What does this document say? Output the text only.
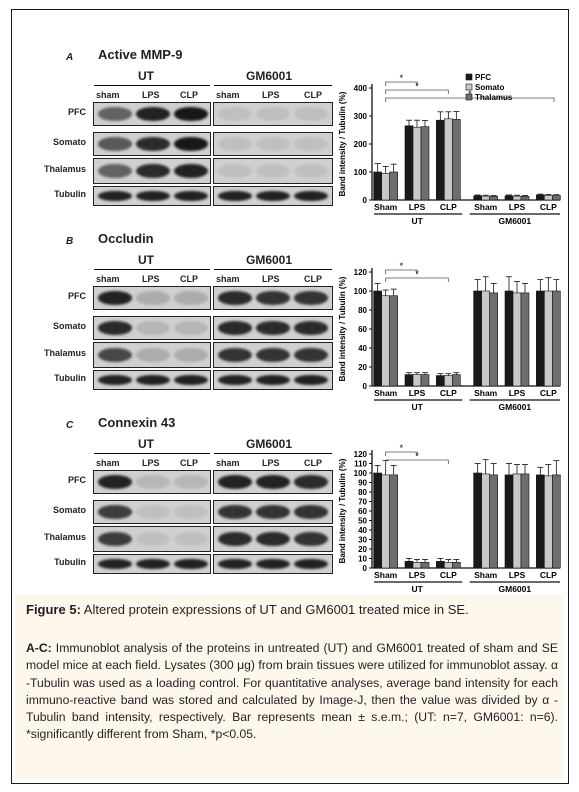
A Active MMP-9
UT	GM6001
sham LPS CLP sham LPS	CLP
PFC
Somato
Thalamus
Tubulin
B Occludin
UT	GM6001
sham LPS CLP sham LPS	CLP
PFC
Somato
Thalamus
Tubulin
C Connexin 43
UT	GM6001
sham LPS CLP sham LPS	CLP
PFC
Somato
Thalamus
Tubulin
Figure 5: Altered protein expressions of UT and GM6001 treated mice in SE.
A-C: Immunoblot analysis of the proteins in untreated (UT) and GM6001 treated of sham and SE model mice at each field. Lysates (300 μg) from brain tissues were utilized for immunoblot assay. α -Tubulin was used as a loading control. For quantitative analyses, average band intensity for each immuno-reactive band was stored and calculated by Image-J, then the value was divided by α -Tubulin band intensity, respectively. Bar represents mean ± s.e.m.; (UT: n=7, GM6001: n=6). *significantly different from Sham, *p<0.05.
Band intensity / Tubulin (%)
0
100
200
300
400
Sham LPS CLP Sham LPS CLP
UT	GM6001
*
*
PFC
Somato
Thalamus
Band intensity / Tubulin (%)
0
20
40
60
80
100
120
Sham LPS CLP Sham LPS CLP
UT	GM6001
*
*
Band intensity / Tubulin (%)
0
10
20
30
40
50
60
70
80
90
100
110
120
Sham LPS CLP Sham LPS CLP
UT	GM6001
*
*
